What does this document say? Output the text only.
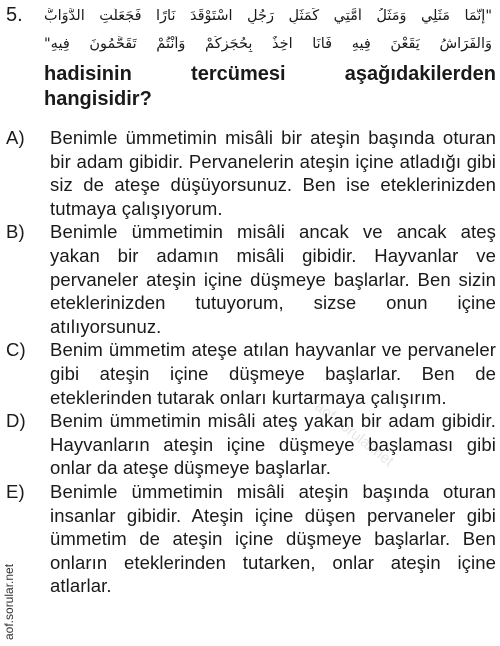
5. "إِنَّمَا مَثَلِي وَمَثَلُ أُمَّتِي كَمَثَلِ رَجُلٍ اسْتَوْقَدَ نَارًا فَجَعَلَتِ الدَّوَابُّ
وَالْفَرَاشُ يَقَعْنَ فِيهِ فَأَنَا آخِذٌ بِحُجَزِكُمْ وَأَنْتُمْ تَقَحَّمُونَ فِيهِ"
hadisinin tercümesi aşağıdakilerden
hangisidir?
A)	Benimle ümmetimin misâli bir ateşin başında oturan bir adam gibidir. Pervanelerin ateşin içine atladığı gibi siz de ateşe düşüyorsunuz. Ben ise eteklerinizden tutmaya çalışıyorum.
B)	Benimle ümmetimin misâli ancak ve ancak ateş yakan bir adamın misâli gibidir. Hayvanlar ve pervaneler ateşin içine düşmeye başlarlar. Ben sizin eteklerinizden tutuyorum, sizse onun içine atılıyorsunuz.
C)	Benim ümmetim ateşe atılan hayvanlar ve pervaneler gibi ateşin içine düşmeye başlarlar. Ben de eteklerinden tutarak onları kurtarmaya çalışırım.
D)	Benim ümmetimin misâli ateş yakan bir adam gibidir. Hayvanların ateşin içine düşmeye başlaması gibi onlar da ateşe düşmeye başlarlar.
E)	Benimle ümmetimin misâli ateşin başında oturan insanlar gibidir. Ateşin içine düşen pervaneler gibi ümmetim de ateşin içine düşmeye başlarlar. Ben onların eteklerinden tutarken, onlar ateşin içine atlarlar.
aof.sorular.net
aof.sorular.net
